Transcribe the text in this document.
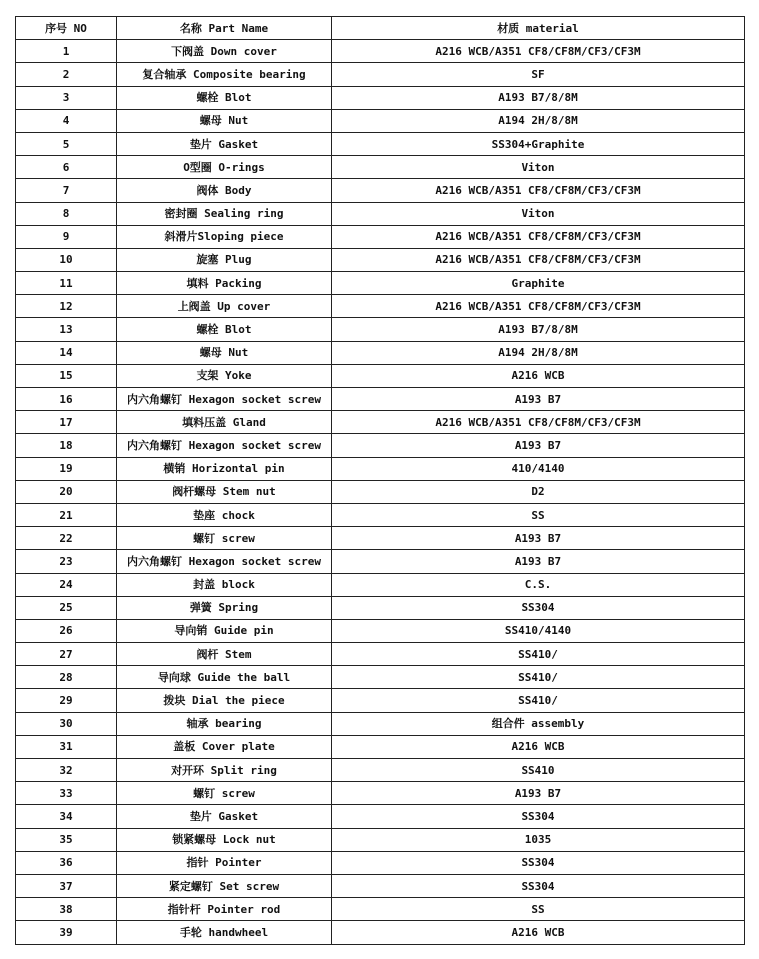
序号 NO	名称 Part Name	材质 material
1	下阀盖 Down cover	A216 WCB/A351 CF8/CF8M/CF3/CF3M
2	复合轴承 Composite bearing	SF
3	螺栓 Blot	A193 B7/8/8M
4	螺母 Nut	A194 2H/8/8M
5	垫片 Gasket	SS304+Graphite
6	O型圈 O-rings	Viton
7	阀体 Body	A216 WCB/A351 CF8/CF8M/CF3/CF3M
8	密封圈 Sealing ring	Viton
9	斜滑片Sloping piece	A216 WCB/A351 CF8/CF8M/CF3/CF3M
10	旋塞 Plug	A216 WCB/A351 CF8/CF8M/CF3/CF3M
11	填料 Packing	Graphite
12	上阀盖 Up cover	A216 WCB/A351 CF8/CF8M/CF3/CF3M
13	螺栓 Blot	A193 B7/8/8M
14	螺母 Nut	A194 2H/8/8M
15	支架 Yoke	A216 WCB
16	内六角螺钉 Hexagon socket screw	A193 B7
17	填料压盖 Gland	A216 WCB/A351 CF8/CF8M/CF3/CF3M
18	内六角螺钉 Hexagon socket screw	A193 B7
19	横销 Horizontal pin	410/4140
20	阀杆螺母 Stem nut	D2
21	垫座 chock	SS
22	螺钉 screw	A193 B7
23	内六角螺钉 Hexagon socket screw	A193 B7
24	封盖 block	C.S.
25	弹簧 Spring	SS304
26	导向销 Guide pin	SS410/4140
27	阀杆 Stem	SS410/
28	导向球 Guide the ball	SS410/
29	拨块 Dial the piece	SS410/
30	轴承 bearing	组合件 assembly
31	盖板 Cover plate	A216 WCB
32	对开环 Split ring	SS410
33	螺钉 screw	A193 B7
34	垫片 Gasket	SS304
35	锁紧螺母 Lock nut	1035
36	指针 Pointer	SS304
37	紧定螺钉 Set screw	SS304
38	指针杆 Pointer rod	SS
39	手轮 handwheel	A216 WCB
